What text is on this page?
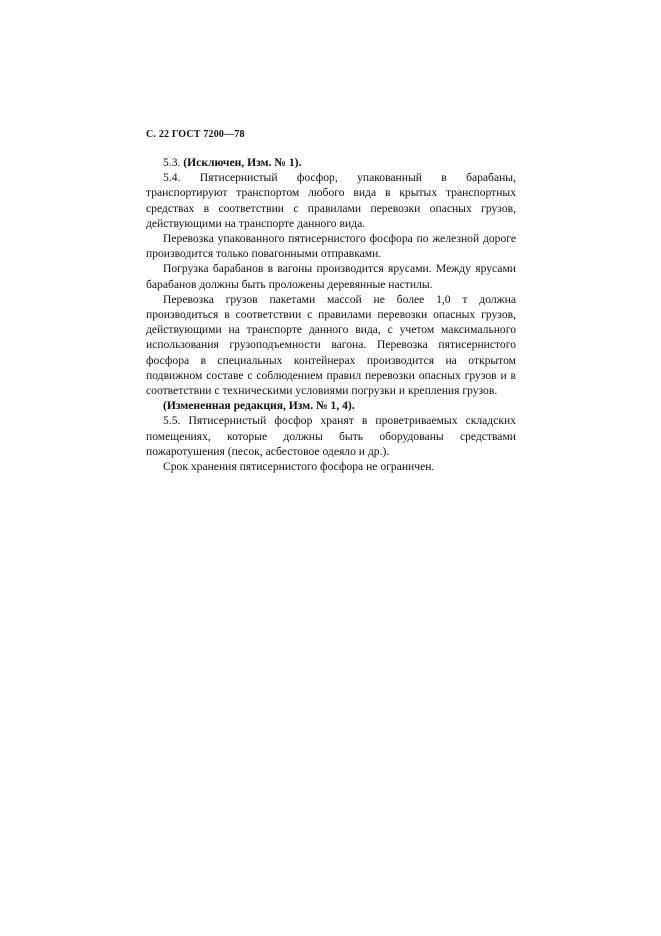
С. 22 ГОСТ 7200—78

5.3. (Исключен, Изм. № 1).

5.4. Пятисернистый фосфор, упакованный в барабаны, транспортируют транспортом любого вида в крытых транспортных средствах в соответствии с правилами перевозки опасных грузов, действующими на транспорте данного вида.

Перевозка упакованного пятисернистого фосфора по железной дороге производится только повагонными отправками.

Погрузка барабанов в вагоны производится ярусами. Между ярусами барабанов должны быть проложены деревянные настилы.

Перевозка грузов пакетами массой не более 1,0 т должна производиться в соответствии с правилами перевозки опасных грузов, действующими на транспорте данного вида, с учетом максимального использования грузоподъемности вагона. Перевозка пятисернистого фосфора в специальных контейнерах производится на открытом подвижном составе с соблюдением правил перевозки опасных грузов и в соответствии с техническими условиями погрузки и крепления грузов.

(Измененная редакция, Изм. № 1, 4).

5.5. Пятисернистый фосфор хранят в проветриваемых складских помещениях, которые должны быть оборудованы средствами пожаротушения (песок, асбестовое одеяло и др.).

Срок хранения пятисернистого фосфора не ограничен.
